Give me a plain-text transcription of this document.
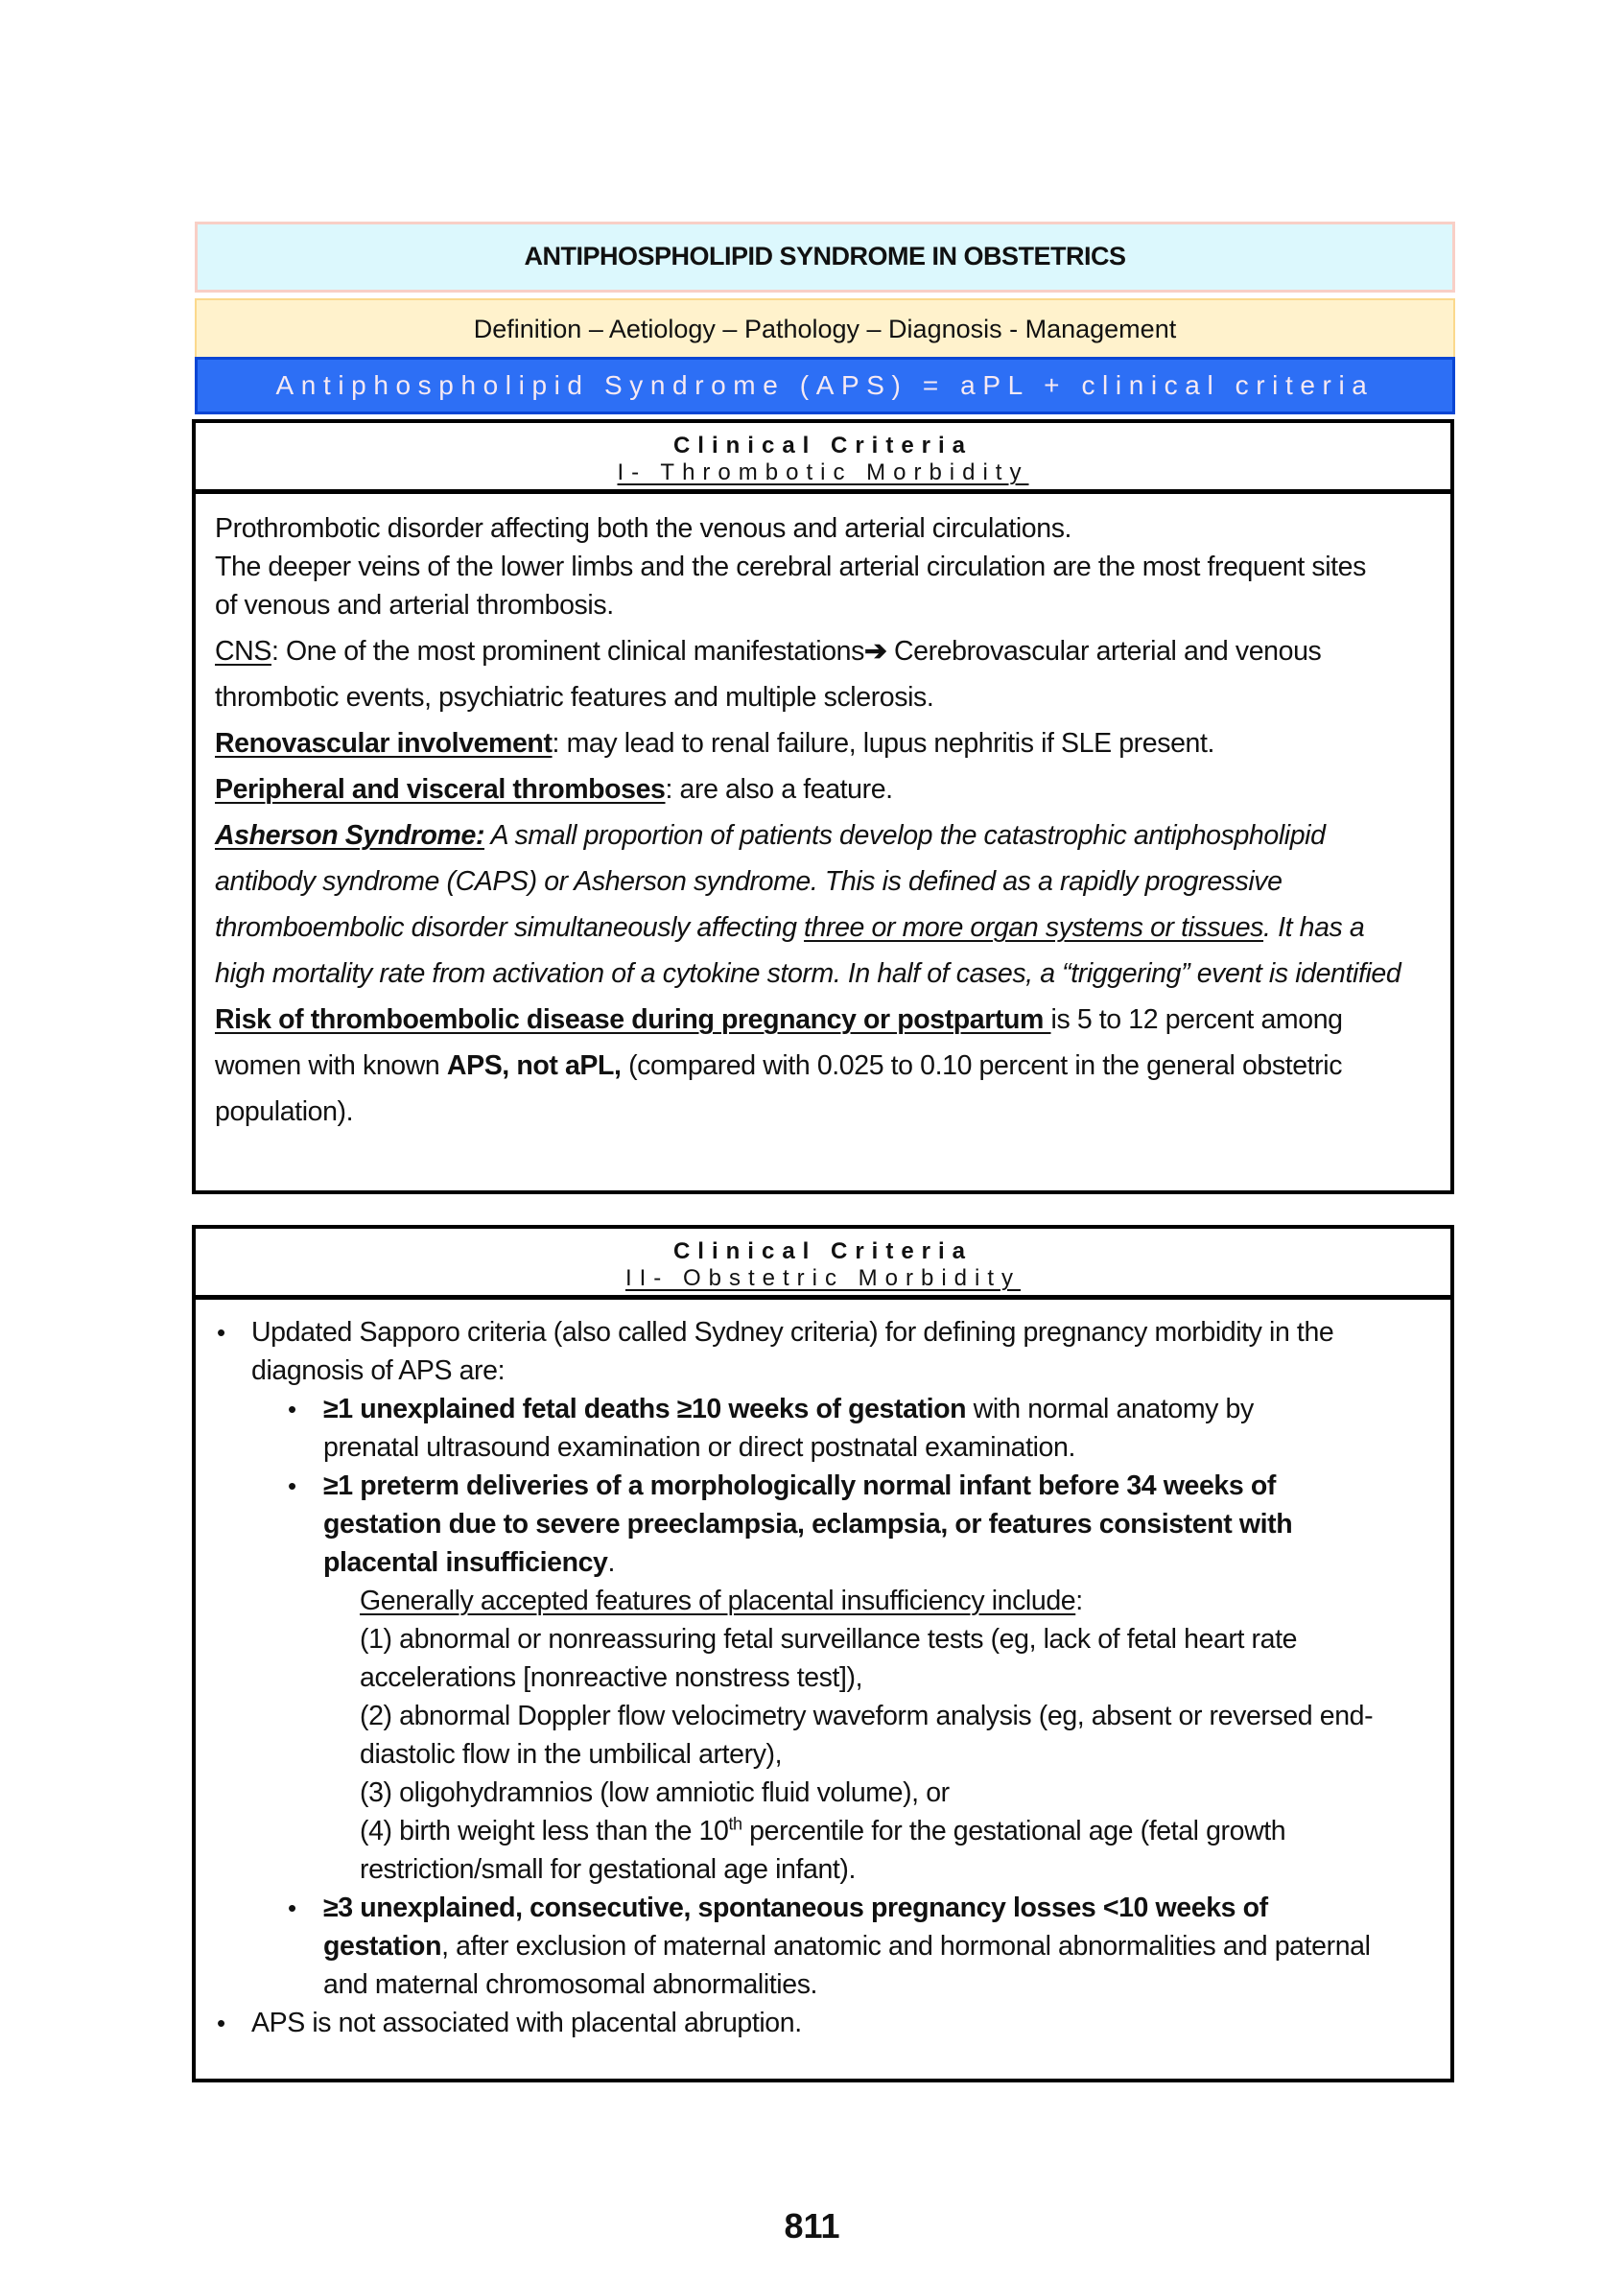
ANTIPHOSPHOLIPID SYNDROME IN OBSTETRICS
Definition – Aetiology – Pathology – Diagnosis - Management
Antiphospholipid Syndrome (APS) = aPL + clinical criteria
Clinical Criteria
I- Thrombotic Morbidity

Prothrombotic disorder affecting both the venous and arterial circulations.

The deeper veins of the lower limbs and the cerebral arterial circulation are the most frequent sites of venous and arterial thrombosis.

CNS: One of the most prominent clinical manifestations➔ Cerebrovascular arterial and venous thrombotic events, psychiatric features and multiple sclerosis.

Renovascular involvement: may lead to renal failure, lupus nephritis if SLE present.

Peripheral and visceral thromboses: are also a feature.

Asherson Syndrome: A small proportion of patients develop the catastrophic antiphospholipid antibody syndrome (CAPS) or Asherson syndrome. This is defined as a rapidly progressive thromboembolic disorder simultaneously affecting three or more organ systems or tissues. It has a high mortality rate from activation of a cytokine storm. In half of cases, a “triggering” event is identified

Risk of thromboembolic disease during pregnancy or postpartum is 5 to 12 percent among women with known APS, not aPL, (compared with 0.025 to 0.10 percent in the general obstetric population).

Clinical Criteria
II- Obstetric Morbidity
• Updated Sapporo criteria (also called Sydney criteria) for defining pregnancy morbidity in the diagnosis of APS are:
• ≥1 unexplained fetal deaths ≥10 weeks of gestation with normal anatomy by prenatal ultrasound examination or direct postnatal examination.
• ≥1 preterm deliveries of a morphologically normal infant before 34 weeks of gestation due to severe preeclampsia, eclampsia, or features consistent with placental insufficiency.
Generally accepted features of placental insufficiency include:
(1) abnormal or nonreassuring fetal surveillance tests (eg, lack of fetal heart rate accelerations [nonreactive nonstress test]),
(2) abnormal Doppler flow velocimetry waveform analysis (eg, absent or reversed end-diastolic flow in the umbilical artery),
(3) oligohydramnios (low amniotic fluid volume), or
(4) birth weight less than the 10th percentile for the gestational age (fetal growth restriction/small for gestational age infant).
• ≥3 unexplained, consecutive, spontaneous pregnancy losses <10 weeks of gestation, after exclusion of maternal anatomic and hormonal abnormalities and paternal and maternal chromosomal abnormalities.
• APS is not associated with placental abruption.
811
